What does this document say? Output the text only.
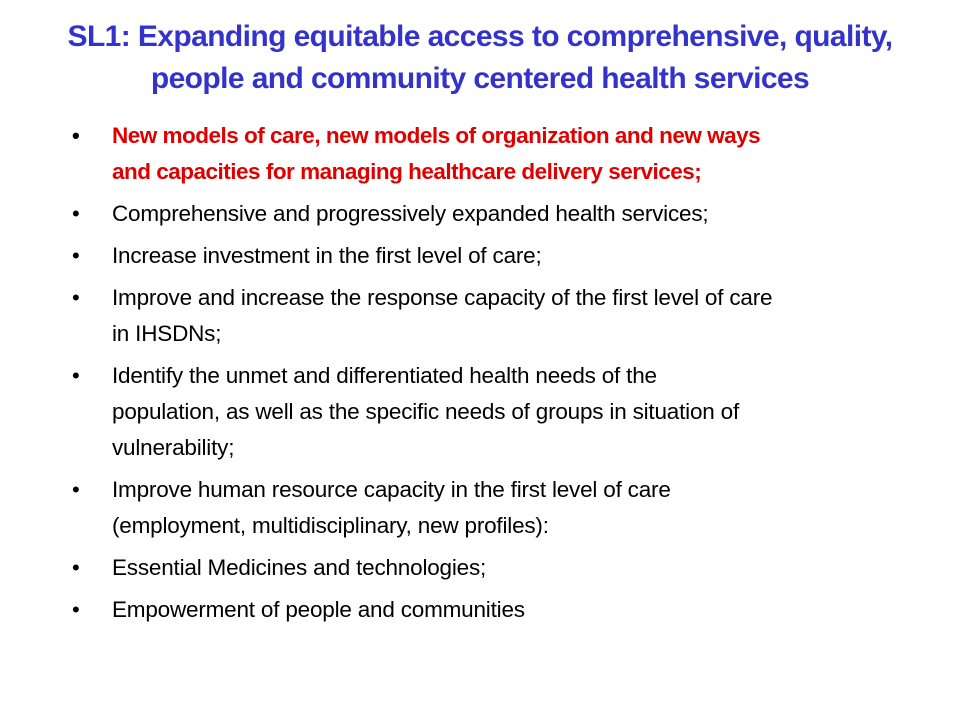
SL1: Expanding equitable access to comprehensive, quality,
people and community centered health services
•	New models of care, new models of organization and new ways
and capacities for managing healthcare delivery services;
•	Comprehensive and progressively expanded health services;
•	Increase investment in the first level of care;
•	Improve and increase the response capacity of the first level of care
in IHSDNs;
•	Identify the unmet and differentiated health needs of the
population, as well as the specific needs of groups in situation of
vulnerability;
•	Improve human resource capacity in the first level of care
(employment, multidisciplinary, new profiles):
•	Essential Medicines and technologies;
•	Empowerment of people and communities
